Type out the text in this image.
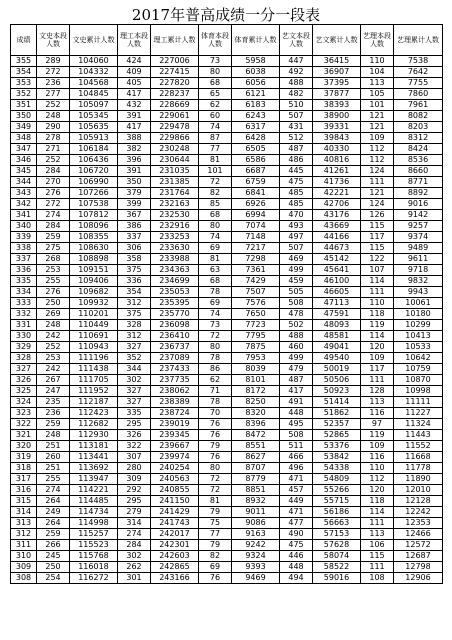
2017年普高成绩一分一段表
成绩	文史本段人数	文史累计人数	理工本段人数	理工累计人数	体育本段人数	体育累计人数	艺文本段人数	艺文累计人数	艺理本段人数	艺理累计人数
355	289	104060	424	227006	73	5958	447	36415	110	7538
354	272	104332	409	227415	80	6038	492	36907	104	7642
353	236	104568	405	227820	68	6056	488	37395	113	7755
352	277	104845	417	228237	65	6121	482	37877	105	7860
351	252	105097	432	228669	62	6183	510	38393	101	7961
350	248	105345	391	229061	60	6243	507	38900	121	8082
349	290	105635	417	229478	74	6317	431	39331	121	8203
348	278	105913	388	229866	87	6428	512	39843	109	8312
347	271	106184	382	230248	77	6505	487	40330	112	8424
346	252	106436	396	230644	81	6586	486	40816	112	8536
345	284	106720	391	231035	101	6687	445	41261	124	8660
344	270	106990	350	231385	72	6759	475	41736	111	8771
343	276	107266	379	231764	82	6841	485	42221	121	8892
342	272	107538	399	232163	85	6926	485	42706	124	9016
341	274	107812	367	232530	68	6994	470	43176	126	9142
340	284	108096	386	232916	80	7074	493	43669	115	9257
339	259	108355	337	233253	74	7148	497	44166	117	9374
338	275	108630	306	233630	69	7217	507	44673	115	9489
337	268	108898	358	233988	81	7298	469	45142	122	9611
336	253	109151	375	234363	63	7361	499	45641	107	9718
335	255	109406	336	234699	68	7429	459	46100	114	9832
334	276	109682	354	235053	78	7507	505	46605	111	9943
333	250	109932	312	235395	69	7576	508	47113	110	10061
332	269	110201	375	235770	74	7650	478	47591	118	10180
331	248	110449	328	236098	73	7723	502	48093	119	10299
330	242	110691	312	236410	72	7795	488	48581	114	10413
329	252	110943	327	236737	80	7875	460	49041	120	10533
328	253	111196	352	237089	78	7953	499	49540	109	10642
327	242	111438	344	237433	86	8039	479	50019	117	10759
326	267	111705	302	237735	62	8101	487	50506	111	10870
325	247	111952	327	238062	71	8172	417	50923	128	10998
324	235	112187	327	238389	78	8250	491	51414	113	11111
323	236	112423	335	238724	70	8320	448	51862	116	11227
322	259	112682	295	239019	76	8396	495	52357	97	11324
321	248	112930	326	239345	76	8472	508	52865	119	11443
320	251	113181	322	239667	79	8551	511	53376	109	11552
319	260	113441	307	239974	76	8627	466	53842	116	11668
318	251	113692	280	240254	80	8707	496	54338	110	11778
317	255	113947	309	240563	72	8779	471	54809	112	11890
316	274	114221	292	240855	72	8851	457	55266	120	12010
315	264	114485	295	241150	81	8932	449	55715	118	12128
314	249	114734	279	241429	79	9011	471	56186	114	12242
313	264	114998	314	241743	75	9086	477	56663	111	12353
312	259	115257	274	242017	77	9163	490	57153	113	12466
311	266	115523	284	242301	79	9242	475	57628	106	12572
310	245	115768	302	242603	82	9324	446	58074	115	12687
309	250	116018	262	242865	69	9393	448	58522	111	12798
308	254	116272	301	243166	76	9469	494	59016	108	12906
